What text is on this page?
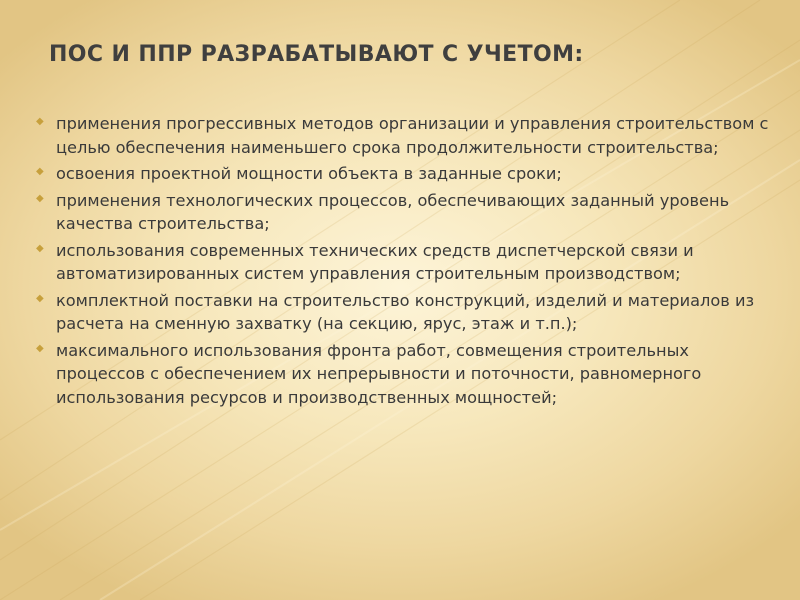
ПОС И ППР РАЗРАБАТЫВАЮТ С УЧЕТОМ:
◆ применения прогрессивных методов организации и управления строительством с целью обеспечения наименьшего срока продолжительности строительства;
◆ освоения проектной мощности объекта в заданные сроки;
◆ применения технологических процессов, обеспечивающих заданный уровень качества строительства;
◆ использования современных технических средств диспетчерской связи и автоматизированных систем управления строительным производством;
◆ комплектной поставки на строительство конструкций, изделий и материалов из расчета на сменную захватку (на секцию, ярус, этаж и т.п.);
◆ максимального использования фронта работ, совмещения строительных процессов с обеспечением их непрерывности и поточности, равномерного использования ресурсов и производственных мощностей;
